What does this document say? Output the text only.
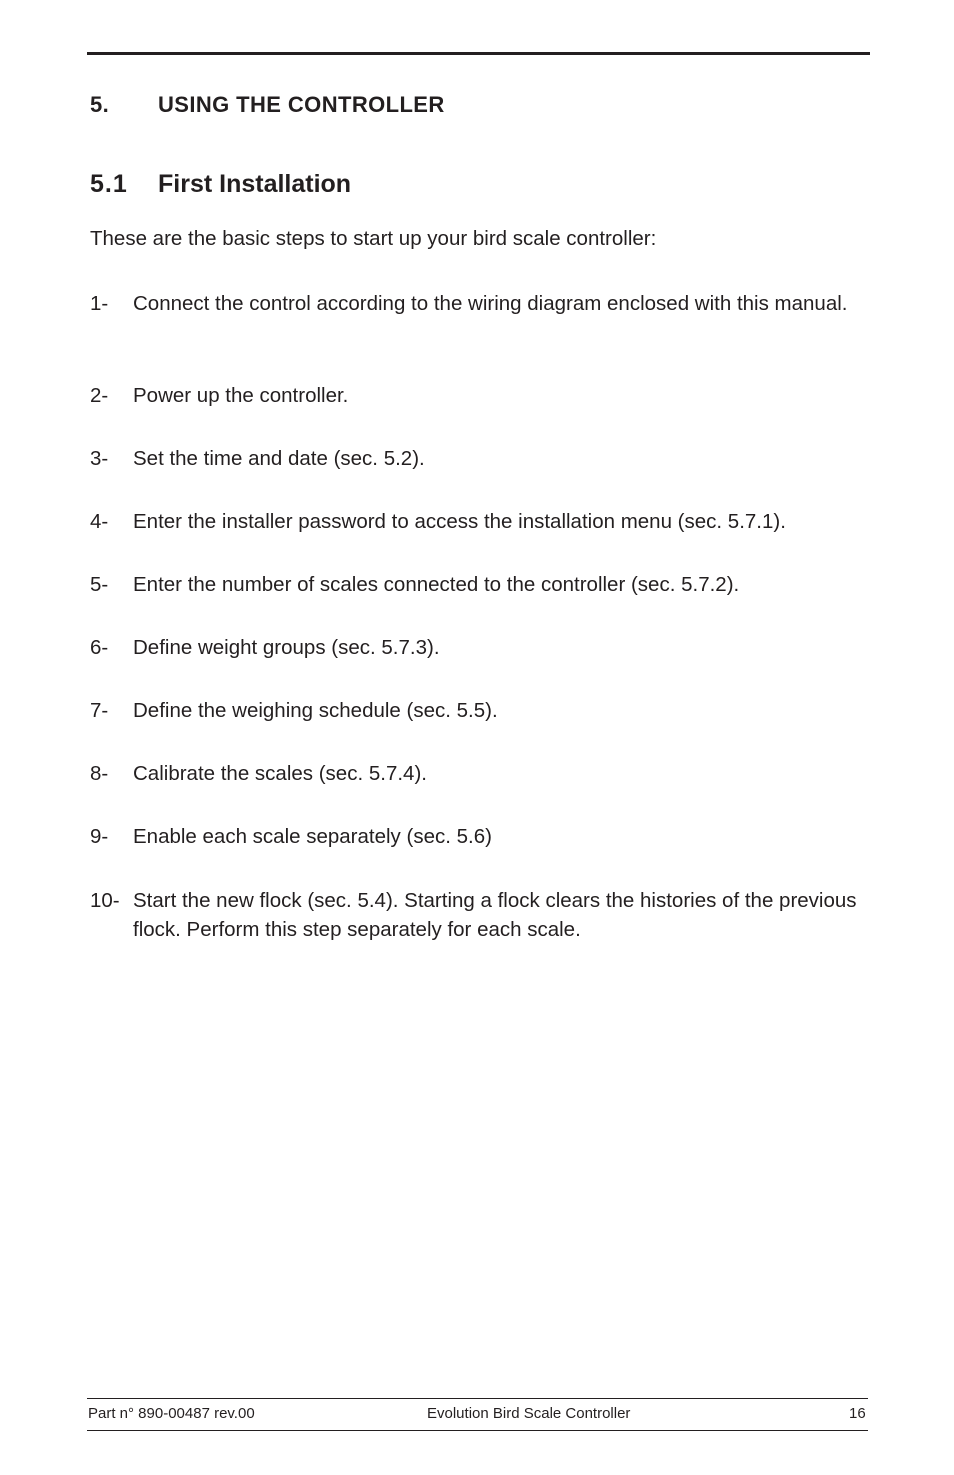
5. USING THE CONTROLLER
5.1 First Installation
These are the basic steps to start up your bird scale controller:
1- Connect the control according to the wiring diagram enclosed with this manual.
2- Power up the controller.
3- Set the time and date (sec. 5.2).
4- Enter the installer password to access the installation menu (sec. 5.7.1).
5- Enter the number of scales connected to the controller (sec. 5.7.2).
6- Define weight groups (sec. 5.7.3).
7- Define the weighing schedule (sec. 5.5).
8- Calibrate the scales (sec. 5.7.4).
9- Enable each scale separately (sec. 5.6)
10- Start the new flock (sec. 5.4). Starting a flock clears the histories of the previous flock. Perform this step separately for each scale.
Part n° 890-00487 rev.00	Evolution Bird Scale Controller	16
